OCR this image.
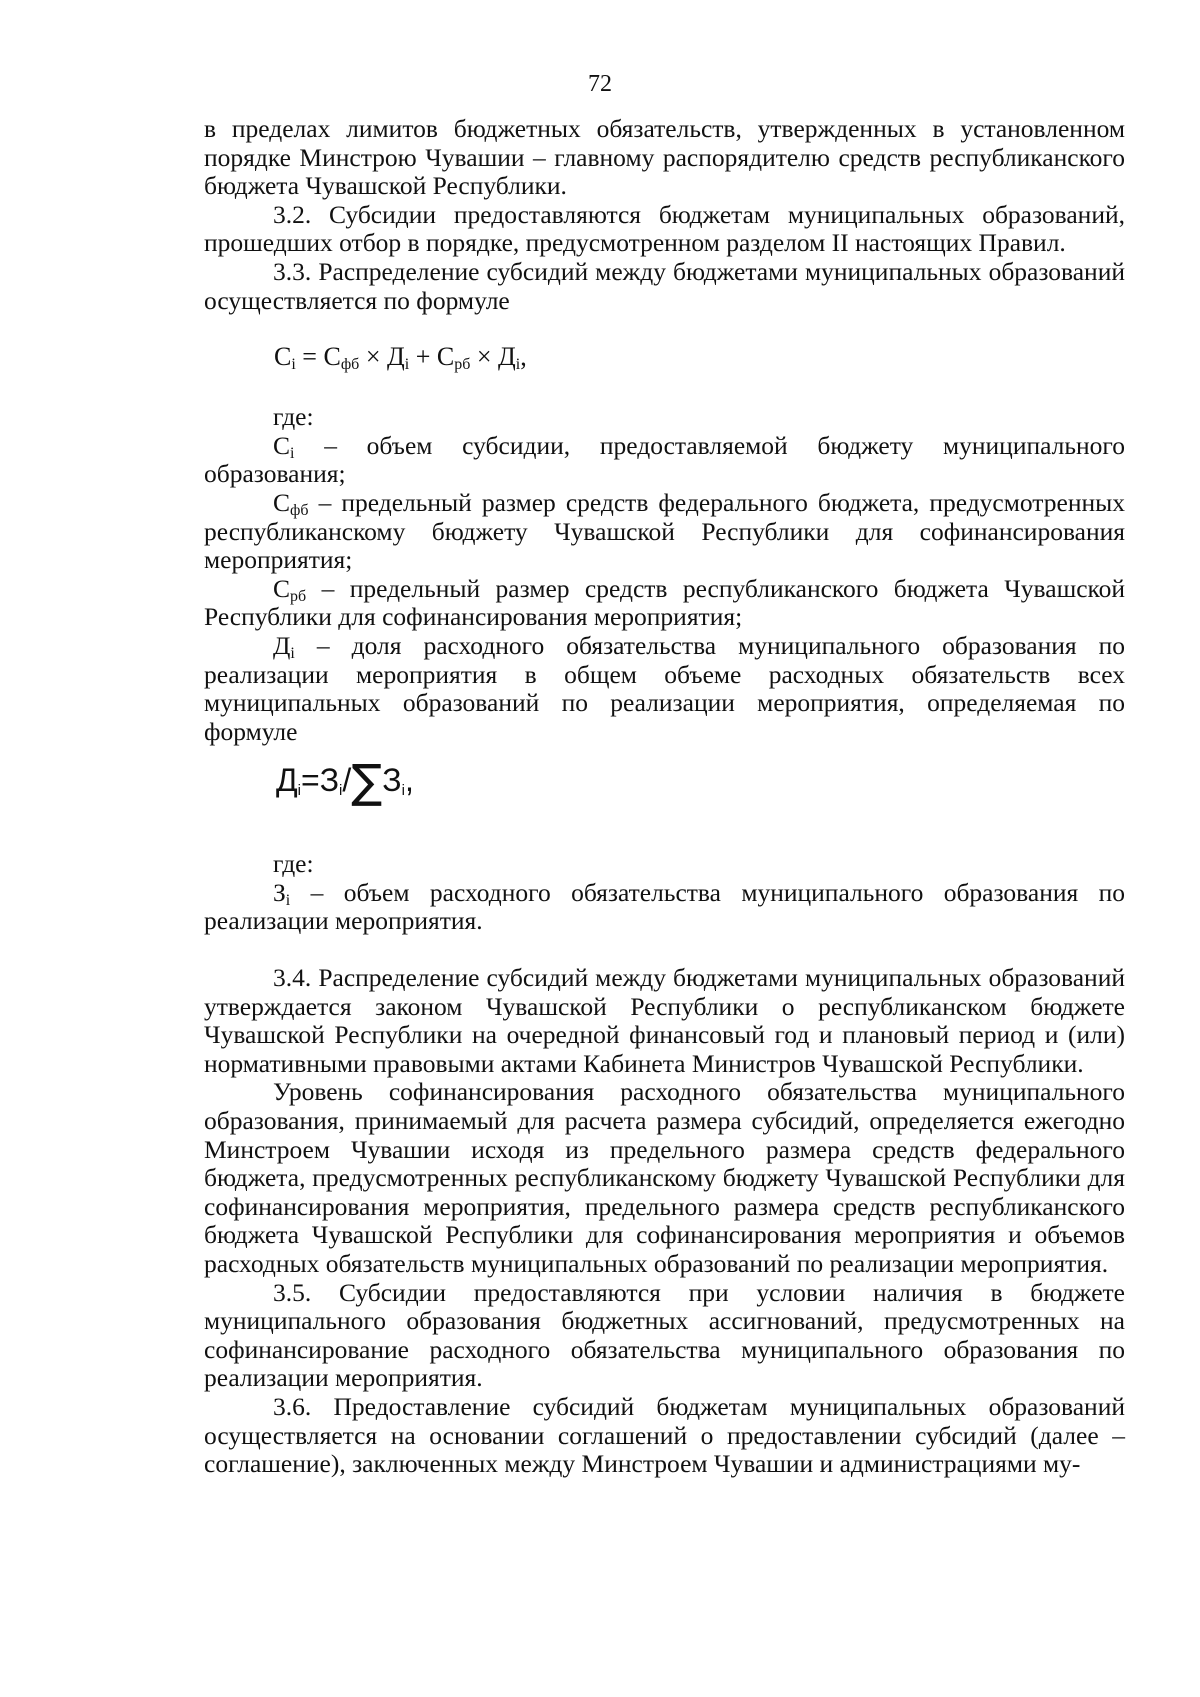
72

в пределах лимитов бюджетных обязательств, утвержденных в установленном порядке Минстрою Чувашии – главному распорядителю средств республиканского бюджета Чувашской Республики.

3.2. Субсидии предоставляются бюджетам муниципальных образований, прошедших отбор в порядке, предусмотренном разделом II настоящих Правил.

3.3. Распределение субсидий между бюджетами муниципальных образований осуществляется по формуле

$С_i = С_{фб} \times Д_i + С_{рб} \times Д_i$,

где:

$С_i$ – объем субсидии, предоставляемой бюджету муниципального образования;

$С_{фб}$ – предельный размер средств федерального бюджета, предусмотренных республиканскому бюджету Чувашской Республики для софинансирования мероприятия;

$С_{рб}$ – предельный размер средств республиканского бюджета Чувашской Республики для софинансирования мероприятия;

$Д_i$ – доля расходного обязательства муниципального образования по реализации мероприятия в общем объеме расходных обязательств всех муниципальных образований по реализации мероприятия, определяемая по формуле

$Д_i=З_i/\sum З_i$,

где:

$З_i$ – объем расходного обязательства муниципального образования по реализации мероприятия.

3.4. Распределение субсидий между бюджетами муниципальных образований утверждается законом Чувашской Республики о республиканском бюджете Чувашской Республики на очередной финансовый год и плановый период и (или) нормативными правовыми актами Кабинета Министров Чувашской Республики.

Уровень софинансирования расходного обязательства муниципального образования, принимаемый для расчета размера субсидий, определяется ежегодно Минстроем Чувашии исходя из предельного размера средств федерального бюджета, предусмотренных республиканскому бюджету Чувашской Республики для софинансирования мероприятия, предельного размера средств республиканского бюджета Чувашской Республики для софинансирования мероприятия и объемов расходных обязательств муниципальных образований по реализации мероприятия.

3.5. Субсидии предоставляются при условии наличия в бюджете муниципального образования бюджетных ассигнований, предусмотренных на софинансирование расходного обязательства муниципального образования по реализации мероприятия.

3.6. Предоставление субсидий бюджетам муниципальных образований осуществляется на основании соглашений о предоставлении субсидий (далее – соглашение), заключенных между Минстроем Чувашии и администрациями му-
